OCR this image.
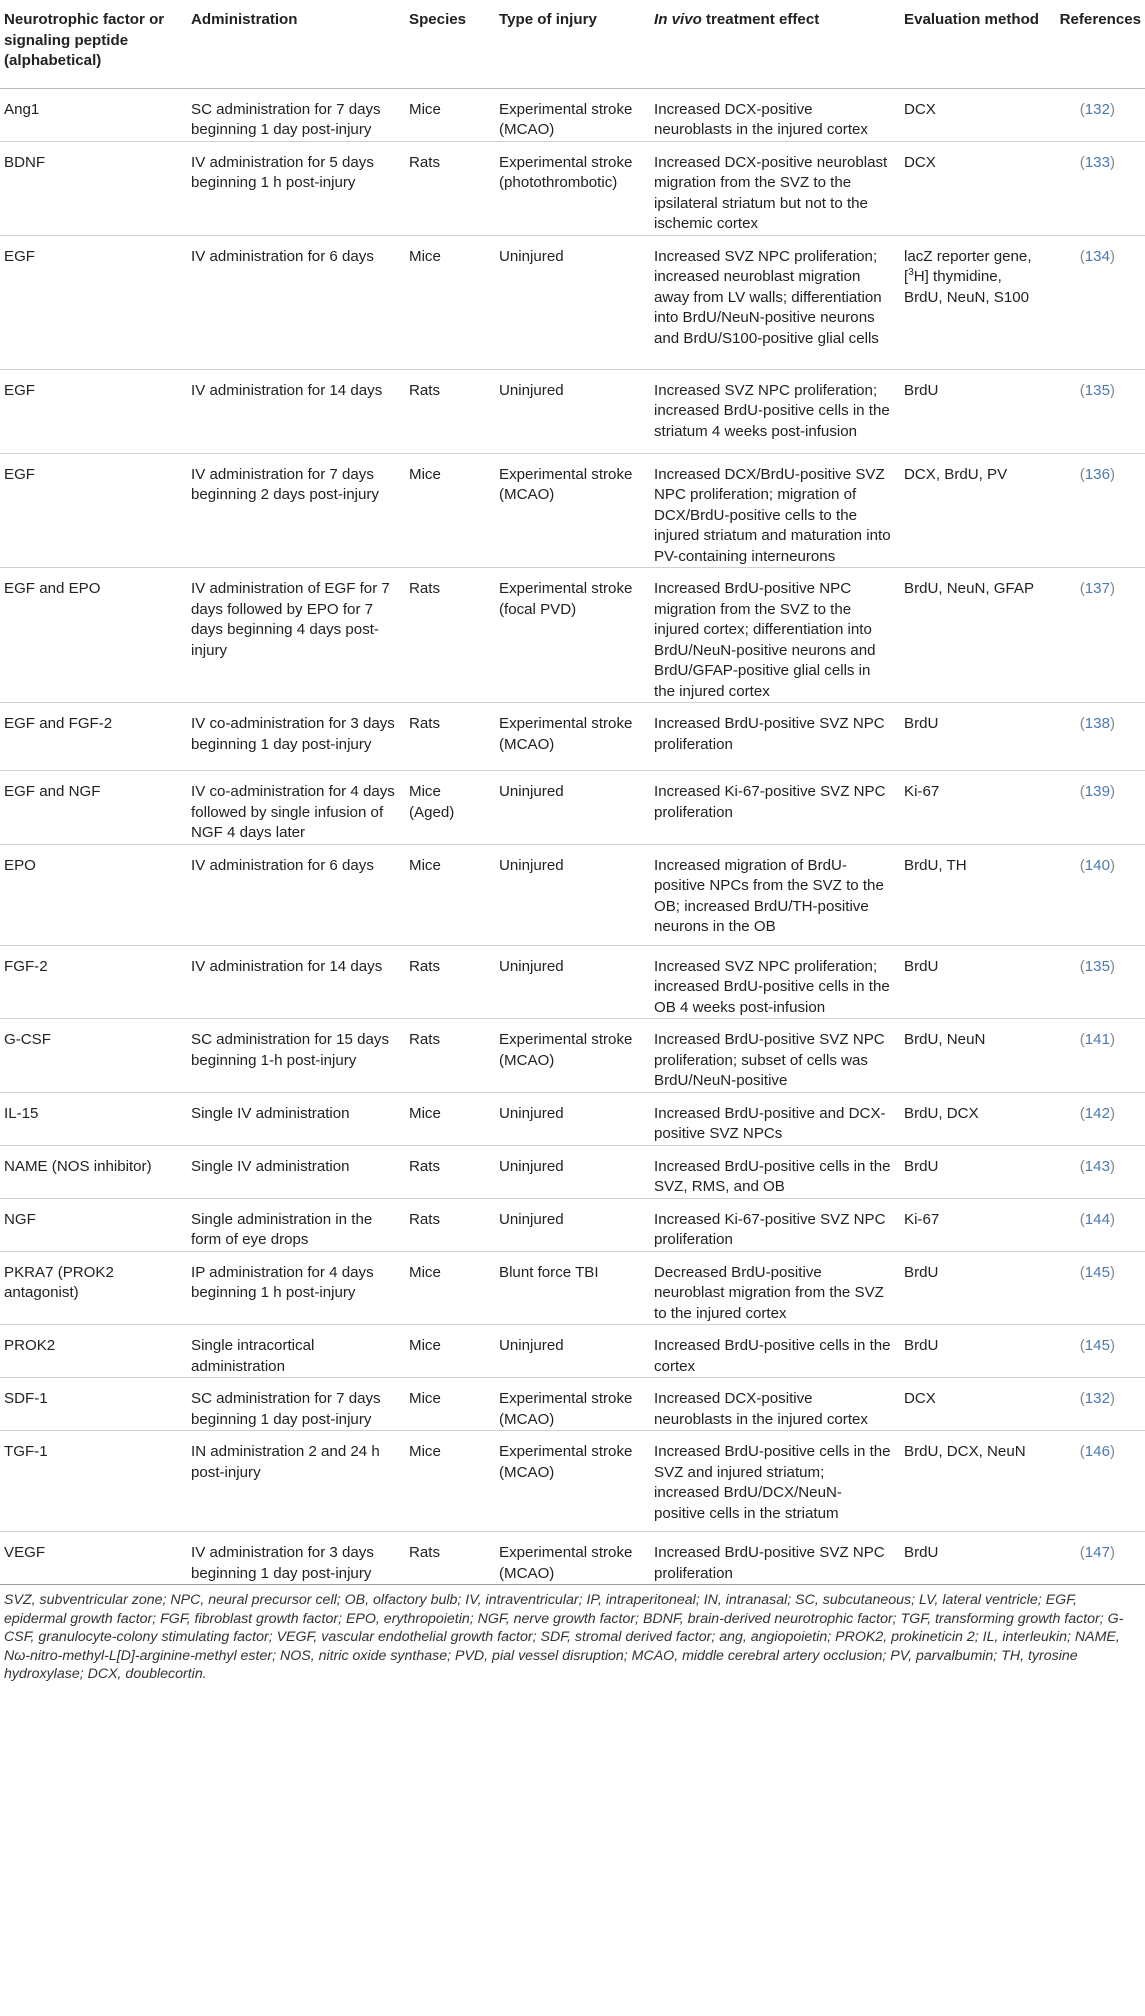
Neurotrophic factor or signaling peptide (alphabetical)	Administration	Species	Type of injury	In vivo treatment effect	Evaluation method	References
Ang1	SC administration for 7 days beginning 1 day post-injury	Mice	Experimental stroke (MCAO)	Increased DCX-positive neuroblasts in the injured cortex	DCX	(132)
BDNF	IV administration for 5 days beginning 1 h post-injury	Rats	Experimental stroke (photothrombotic)	Increased DCX-positive neuroblast migration from the SVZ to the ipsilateral striatum but not to the ischemic cortex	DCX	(133)
EGF	IV administration for 6 days	Mice	Uninjured	Increased SVZ NPC proliferation; increased neuroblast migration away from LV walls; differentiation into BrdU/NeuN-positive neurons and BrdU/S100-positive glial cells	lacZ reporter gene, [$^3$H] thymidine, BrdU, NeuN, S100	(134)
EGF	IV administration for 14 days	Rats	Uninjured	Increased SVZ NPC proliferation; increased BrdU-positive cells in the striatum 4 weeks post-infusion	BrdU	(135)
EGF	IV administration for 7 days beginning 2 days post-injury	Mice	Experimental stroke (MCAO)	Increased DCX/BrdU-positive SVZ NPC proliferation; migration of DCX/BrdU-positive cells to the injured striatum and maturation into PV-containing interneurons	DCX, BrdU, PV	(136)
EGF and EPO	IV administration of EGF for 7 days followed by EPO for 7 days beginning 4 days post-injury	Rats	Experimental stroke (focal PVD)	Increased BrdU-positive NPC migration from the SVZ to the injured cortex; differentiation into BrdU/NeuN-positive neurons and BrdU/GFAP-positive glial cells in the injured cortex	BrdU, NeuN, GFAP	(137)
EGF and FGF-2	IV co-administration for 3 days beginning 1 day post-injury	Rats	Experimental stroke (MCAO)	Increased BrdU-positive SVZ NPC proliferation	BrdU	(138)
EGF and NGF	IV co-administration for 4 days followed by single infusion of NGF 4 days later	Mice (Aged)	Uninjured	Increased Ki-67-positive SVZ NPC proliferation	Ki-67	(139)
EPO	IV administration for 6 days	Mice	Uninjured	Increased migration of BrdU-positive NPCs from the SVZ to the OB; increased BrdU/TH-positive neurons in the OB	BrdU, TH	(140)
FGF-2	IV administration for 14 days	Rats	Uninjured	Increased SVZ NPC proliferation; increased BrdU-positive cells in the OB 4 weeks post-infusion	BrdU	(135)
G-CSF	SC administration for 15 days beginning 1-h post-injury	Rats	Experimental stroke (MCAO)	Increased BrdU-positive SVZ NPC proliferation; subset of cells was BrdU/NeuN-positive	BrdU, NeuN	(141)
IL-15	Single IV administration	Mice	Uninjured	Increased BrdU-positive and DCX-positive SVZ NPCs	BrdU, DCX	(142)
NAME (NOS inhibitor)	Single IV administration	Rats	Uninjured	Increased BrdU-positive cells in the SVZ, RMS, and OB	BrdU	(143)
NGF	Single administration in the form of eye drops	Rats	Uninjured	Increased Ki-67-positive SVZ NPC proliferation	Ki-67	(144)
PKRA7 (PROK2 antagonist)	IP administration for 4 days beginning 1 h post-injury	Mice	Blunt force TBI	Decreased BrdU-positive neuroblast migration from the SVZ to the injured cortex	BrdU	(145)
PROK2	Single intracortical administration	Mice	Uninjured	Increased BrdU-positive cells in the cortex	BrdU	(145)
SDF-1	SC administration for 7 days beginning 1 day post-injury	Mice	Experimental stroke (MCAO)	Increased DCX-positive neuroblasts in the injured cortex	DCX	(132)
TGF-1	IN administration 2 and 24 h post-injury	Mice	Experimental stroke (MCAO)	Increased BrdU-positive cells in the SVZ and injured striatum; increased BrdU/DCX/NeuN-positive cells in the striatum	BrdU, DCX, NeuN	(146)
VEGF	IV administration for 3 days beginning 1 day post-injury	Rats	Experimental stroke (MCAO)	Increased BrdU-positive SVZ NPC proliferation	BrdU	(147)
SVZ, subventricular zone; NPC, neural precursor cell; OB, olfactory bulb; IV, intraventricular; IP, intraperitoneal; IN, intranasal; SC, subcutaneous; LV, lateral ventricle; EGF, epidermal growth factor; FGF, fibroblast growth factor; EPO, erythropoietin; NGF, nerve growth factor; BDNF, brain-derived neurotrophic factor; TGF, transforming growth factor; G-CSF, granulocyte-colony stimulating factor; VEGF, vascular endothelial growth factor; SDF, stromal derived factor; ang, angiopoietin; PROK2, prokineticin 2; IL, interleukin; NAME, Nω-nitro-methyl-L[D]-arginine-methyl ester; NOS, nitric oxide synthase; PVD, pial vessel disruption; MCAO, middle cerebral artery occlusion; PV, parvalbumin; TH, tyrosine hydroxylase; DCX, doublecortin.
